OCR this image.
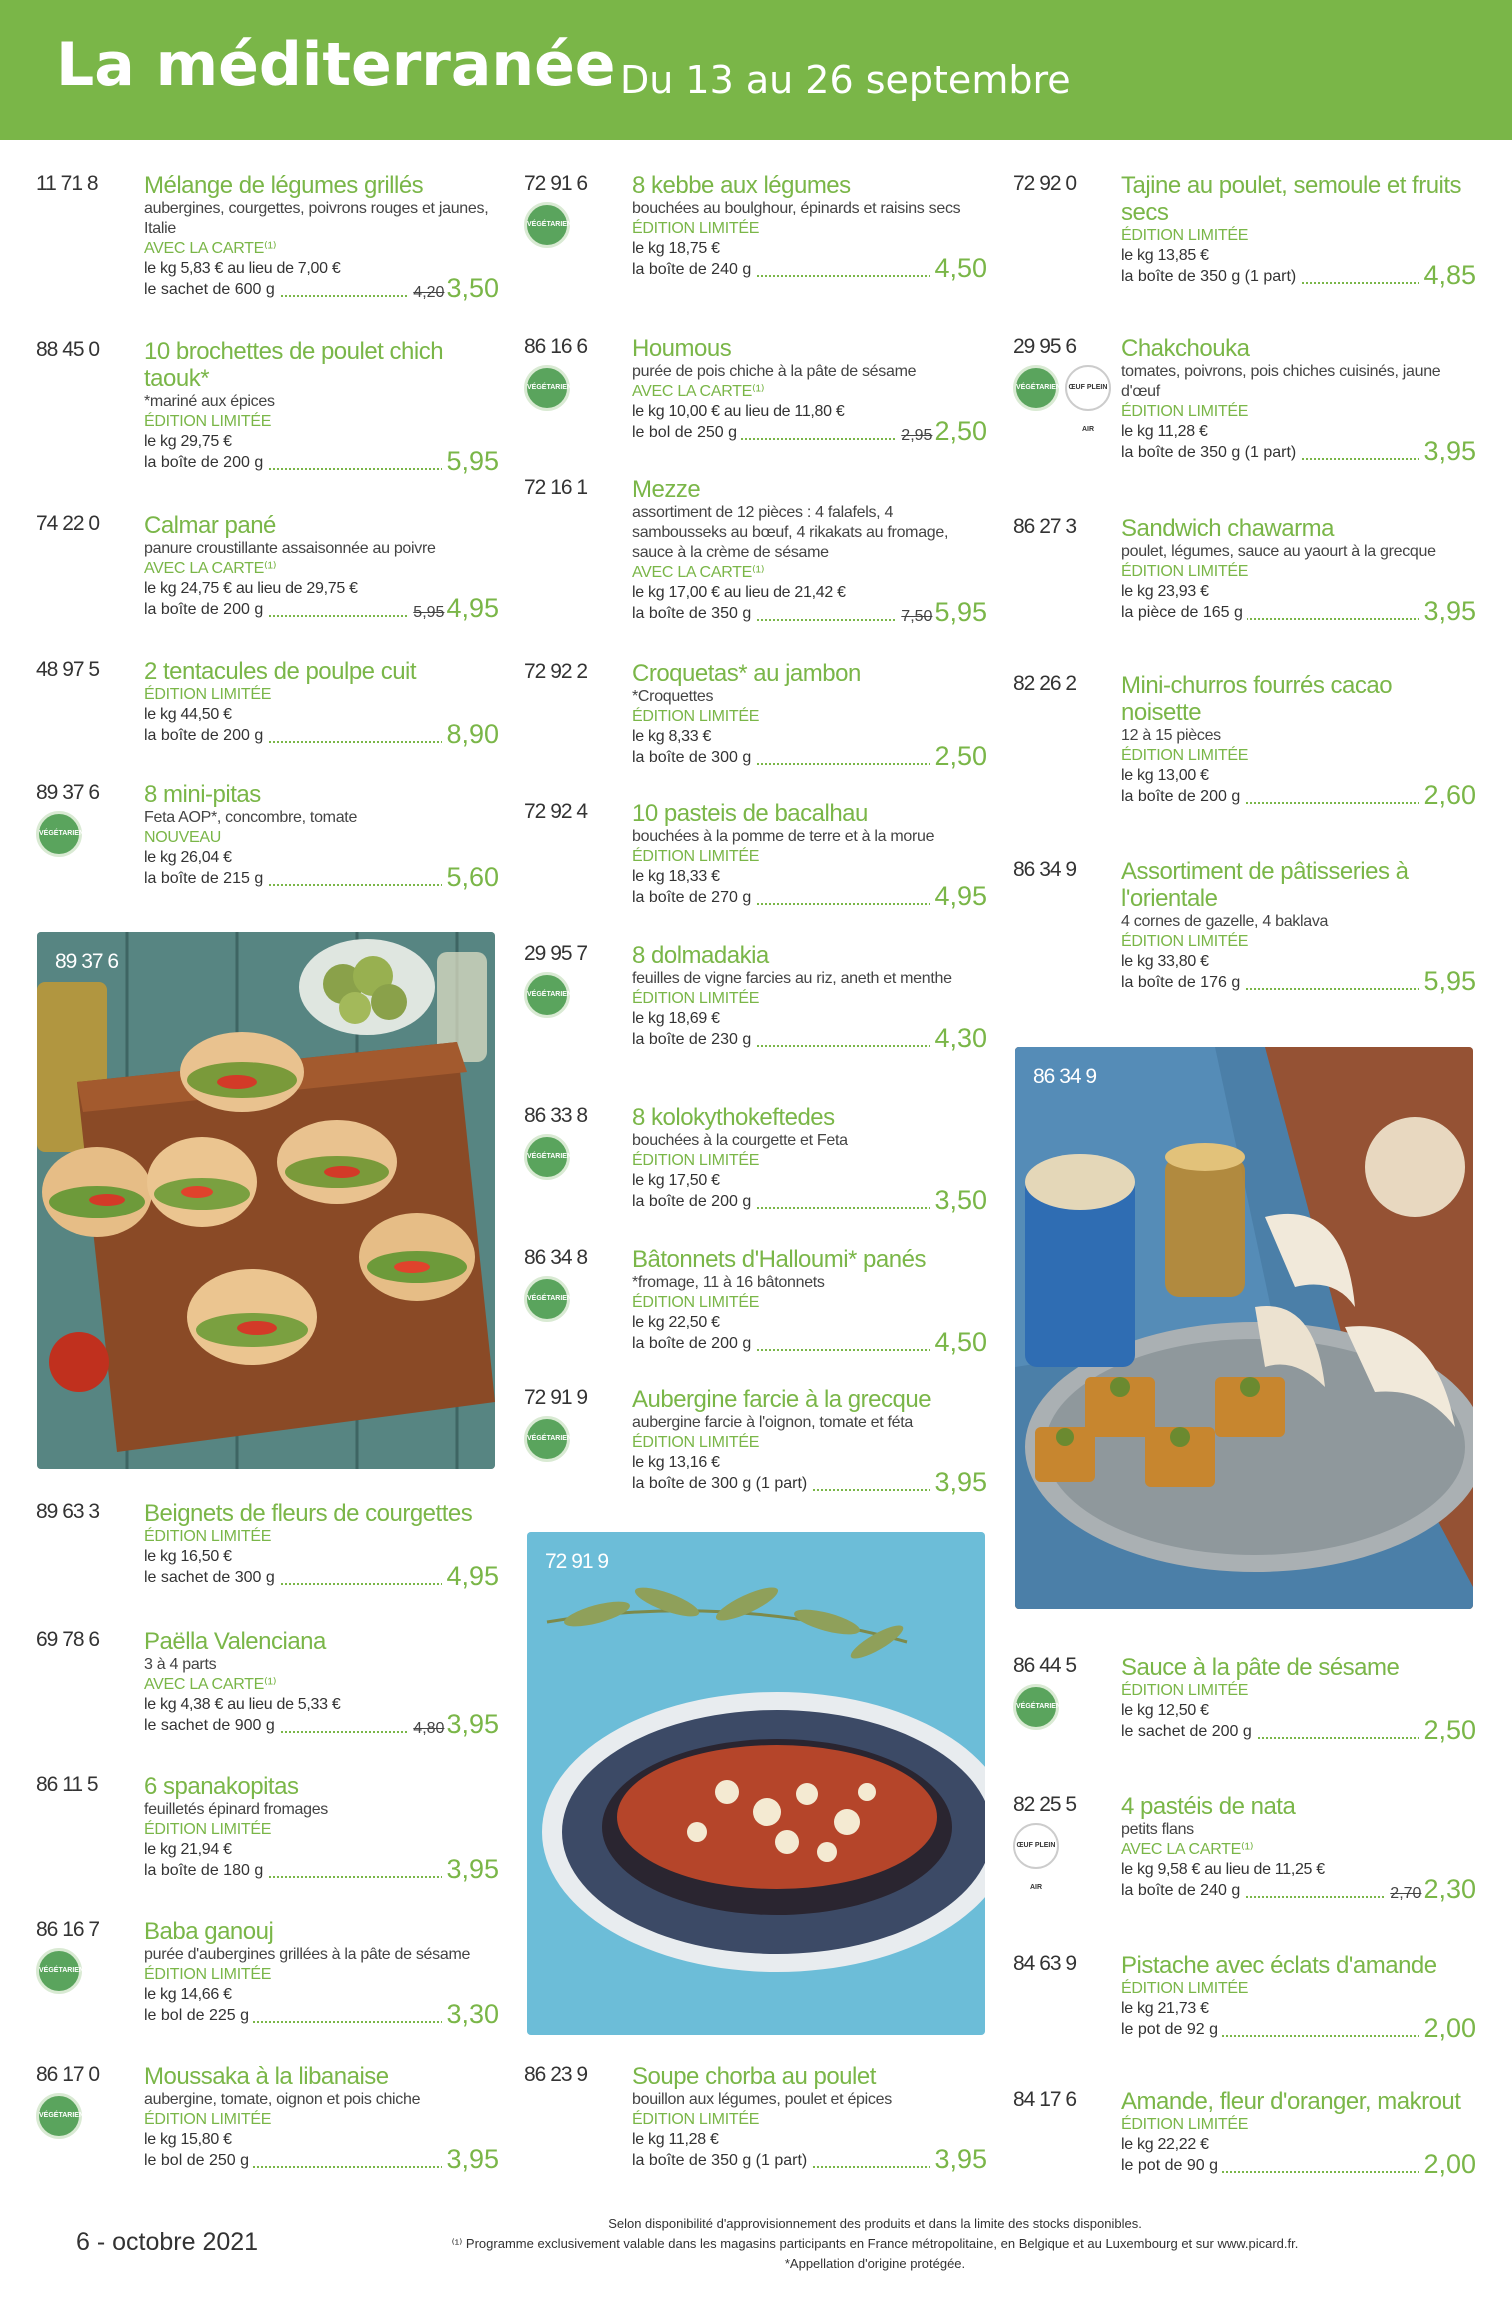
La méditerranée Du 13 au 26 septembre
11 71 8 Mélange de légumes grillés
aubergines, courgettes, poivrons rouges et jaunes, Italie
AVEC LA CARTE⁽¹⁾
le kg 5,83 € au lieu de 7,00 €
le sachet de 600 g	4,203,50
88 45 0 10 brochettes de poulet chich taouk*
*mariné aux épices
ÉDITION LIMITÉE
le kg 29,75 €
la boîte de 200 g	5,95
74 22 0 Calmar pané
panure croustillante assaisonnée au poivre
AVEC LA CARTE⁽¹⁾
le kg 24,75 € au lieu de 29,75 €
la boîte de 200 g	5,954,95
48 97 5 2 tentacules de poulpe cuit
ÉDITION LIMITÉE
le kg 44,50 €
la boîte de 200 g	8,90
89 37 6
VÉGÉTARIEN
8 mini-pitas
Feta AOP*, concombre, tomate
NOUVEAU
le kg 26,04 €
la boîte de 215 g	5,60
89 63 3 Beignets de fleurs de courgettes
ÉDITION LIMITÉE
le kg 16,50 €
le sachet de 300 g	4,95
69 78 6 Paëlla Valenciana
3 à 4 parts
AVEC LA CARTE⁽¹⁾
le kg 4,38 € au lieu de 5,33 €
le sachet de 900 g	4,803,95
86 11 5 6 spanakopitas
feuilletés épinard fromages
ÉDITION LIMITÉE
le kg 21,94 €
la boîte de 180 g	3,95
86 16 7
VÉGÉTARIEN
Baba ganouj
purée d'aubergines grillées à la pâte de sésame
ÉDITION LIMITÉE
le kg 14,66 €
le bol de 225 g	3,30
86 17 0
VÉGÉTARIEN
Moussaka à la libanaise
aubergine, tomate, oignon et pois chiche
ÉDITION LIMITÉE
le kg 15,80 €
le bol de 250 g	3,95
72 91 6
VÉGÉTARIEN
8 kebbe aux légumes
bouchées au boulghour, épinards et raisins secs
ÉDITION LIMITÉE
le kg 18,75 €
la boîte de 240 g	4,50
86 16 6
VÉGÉTARIEN
Houmous
purée de pois chiche à la pâte de sésame
AVEC LA CARTE⁽¹⁾
le kg 10,00 € au lieu de 11,80 €
le bol de 250 g	2,952,50
72 16 1 Mezze
assortiment de 12 pièces : 4 falafels, 4 sambousseks au bœuf, 4 rikakats au fromage, sauce à la crème de sésame
AVEC LA CARTE⁽¹⁾
le kg 17,00 € au lieu de 21,42 €
la boîte de 350 g	7,505,95
72 92 2 Croquetas* au jambon
*Croquettes
ÉDITION LIMITÉE
le kg 8,33 €
la boîte de 300 g	2,50
72 92 4 10 pasteis de bacalhau
bouchées à la pomme de terre et à la morue
ÉDITION LIMITÉE
le kg 18,33 €
la boîte de 270 g	4,95
29 95 7
VÉGÉTARIEN
8 dolmadakia
feuilles de vigne farcies au riz, aneth et menthe
ÉDITION LIMITÉE
le kg 18,69 €
la boîte de 230 g	4,30
86 33 8
VÉGÉTARIEN
8 kolokythokeftedes
bouchées à la courgette et Feta
ÉDITION LIMITÉE
le kg 17,50 €
la boîte de 200 g	3,50
86 34 8
VÉGÉTARIEN
Bâtonnets d'Halloumi* panés
*fromage, 11 à 16 bâtonnets
ÉDITION LIMITÉE
le kg 22,50 €
la boîte de 200 g	4,50
72 91 9
VÉGÉTARIEN
Aubergine farcie à la grecque
aubergine farcie à l'oignon, tomate et féta
ÉDITION LIMITÉE
le kg 13,16 €
la boîte de 300 g (1 part)	3,95
86 23 9 Soupe chorba au poulet
bouillon aux légumes, poulet et épices
ÉDITION LIMITÉE
le kg 11,28 €
la boîte de 350 g (1 part)	3,95
72 92 0 Tajine au poulet, semoule et fruits secs
ÉDITION LIMITÉE
le kg 13,85 €
la boîte de 350 g (1 part)	4,85
29 95 6
VÉGÉTARIEN	ŒUF PLEIN AIR
Chakchouka
tomates, poivrons, pois chiches cuisinés, jaune d'œuf
ÉDITION LIMITÉE
le kg 11,28 €
la boîte de 350 g (1 part)	3,95
86 27 3 Sandwich chawarma
poulet, légumes, sauce au yaourt à la grecque
ÉDITION LIMITÉE
le kg 23,93 €
la pièce de 165 g	3,95
82 26 2 Mini-churros fourrés cacao noisette
12 à 15 pièces
ÉDITION LIMITÉE
le kg 13,00 €
la boîte de 200 g	2,60
86 34 9 Assortiment de pâtisseries à l'orientale
4 cornes de gazelle, 4 baklava
ÉDITION LIMITÉE
le kg 33,80 €
la boîte de 176 g	5,95
86 44 5
VÉGÉTARIEN
Sauce à la pâte de sésame
ÉDITION LIMITÉE
le kg 12,50 €
le sachet de 200 g	2,50
82 25 5
ŒUF PLEIN AIR
4 pastéis de nata
petits flans
AVEC LA CARTE⁽¹⁾
le kg 9,58 € au lieu de 11,25 €
la boîte de 240 g	2,702,30
84 63 9 Pistache avec éclats d'amande
ÉDITION LIMITÉE
le kg 21,73 €
le pot de 92 g	2,00
84 17 6 Amande, fleur d'oranger, makrout
ÉDITION LIMITÉE
le kg 22,22 €
le pot de 90 g	2,00
89 37 6
72 91 9
86 34 9
6 - octobre 2021
Selon disponibilité d'approvisionnement des produits et dans la limite des stocks disponibles.
⁽¹⁾ Programme exclusivement valable dans les magasins participants en France métropolitaine, en Belgique et au Luxembourg et sur www.picard.fr.
*Appellation d'origine protégée.
